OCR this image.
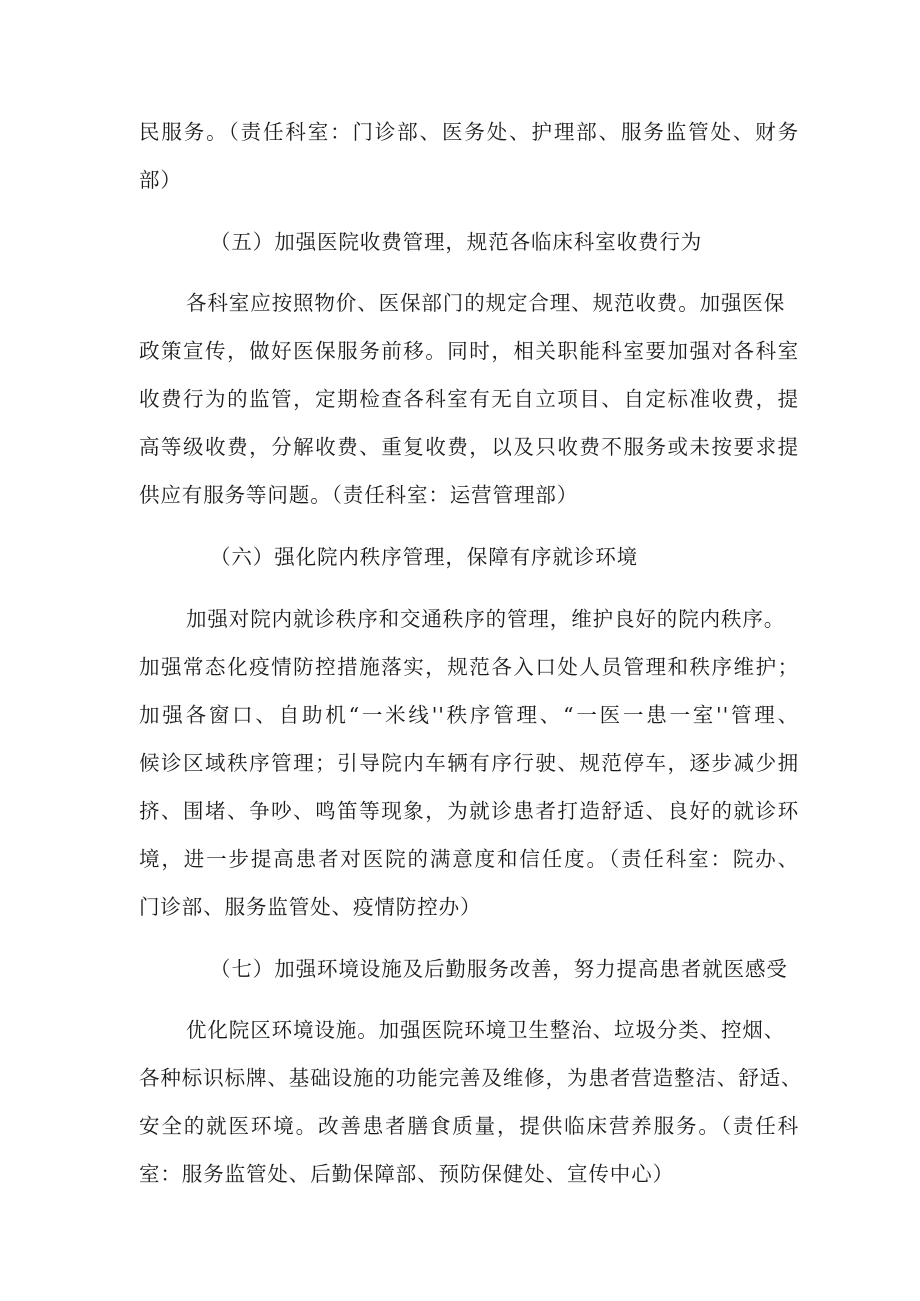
民服务。（责任科室：门诊部、医务处、护理部、服务监管处、财务
部）
（五）加强医院收费管理，规范各临床科室收费行为
各科室应按照物价、医保部门的规定合理、规范收费。加强医保
政策宣传，做好医保服务前移。同时，相关职能科室要加强对各科室
收费行为的监管，定期检查各科室有无自立项目、自定标准收费，提
高等级收费，分解收费、重复收费，以及只收费不服务或未按要求提
供应有服务等问题。（责任科室：运营管理部）
（六）强化院内秩序管理，保障有序就诊环境
加强对院内就诊秩序和交通秩序的管理，维护良好的院内秩序。
加强常态化疫情防控措施落实，规范各入口处人员管理和秩序维护；
加强各窗口、自助机“一米线''秩序管理、“一医一患一室''管理、
候诊区域秩序管理；引导院内车辆有序行驶、规范停车，逐步减少拥
挤、围堵、争吵、鸣笛等现象，为就诊患者打造舒适、良好的就诊环
境，进一步提高患者对医院的满意度和信任度。（责任科室：院办、
门诊部、服务监管处、疫情防控办）
（七）加强环境设施及后勤服务改善，努力提高患者就医感受
优化院区环境设施。加强医院环境卫生整治、垃圾分类、控烟、
各种标识标牌、基础设施的功能完善及维修，为患者营造整洁、舒适、
安全的就医环境。改善患者膳食质量，提供临床营养服务。（责任科
室：服务监管处、后勤保障部、预防保健处、宣传中心）
